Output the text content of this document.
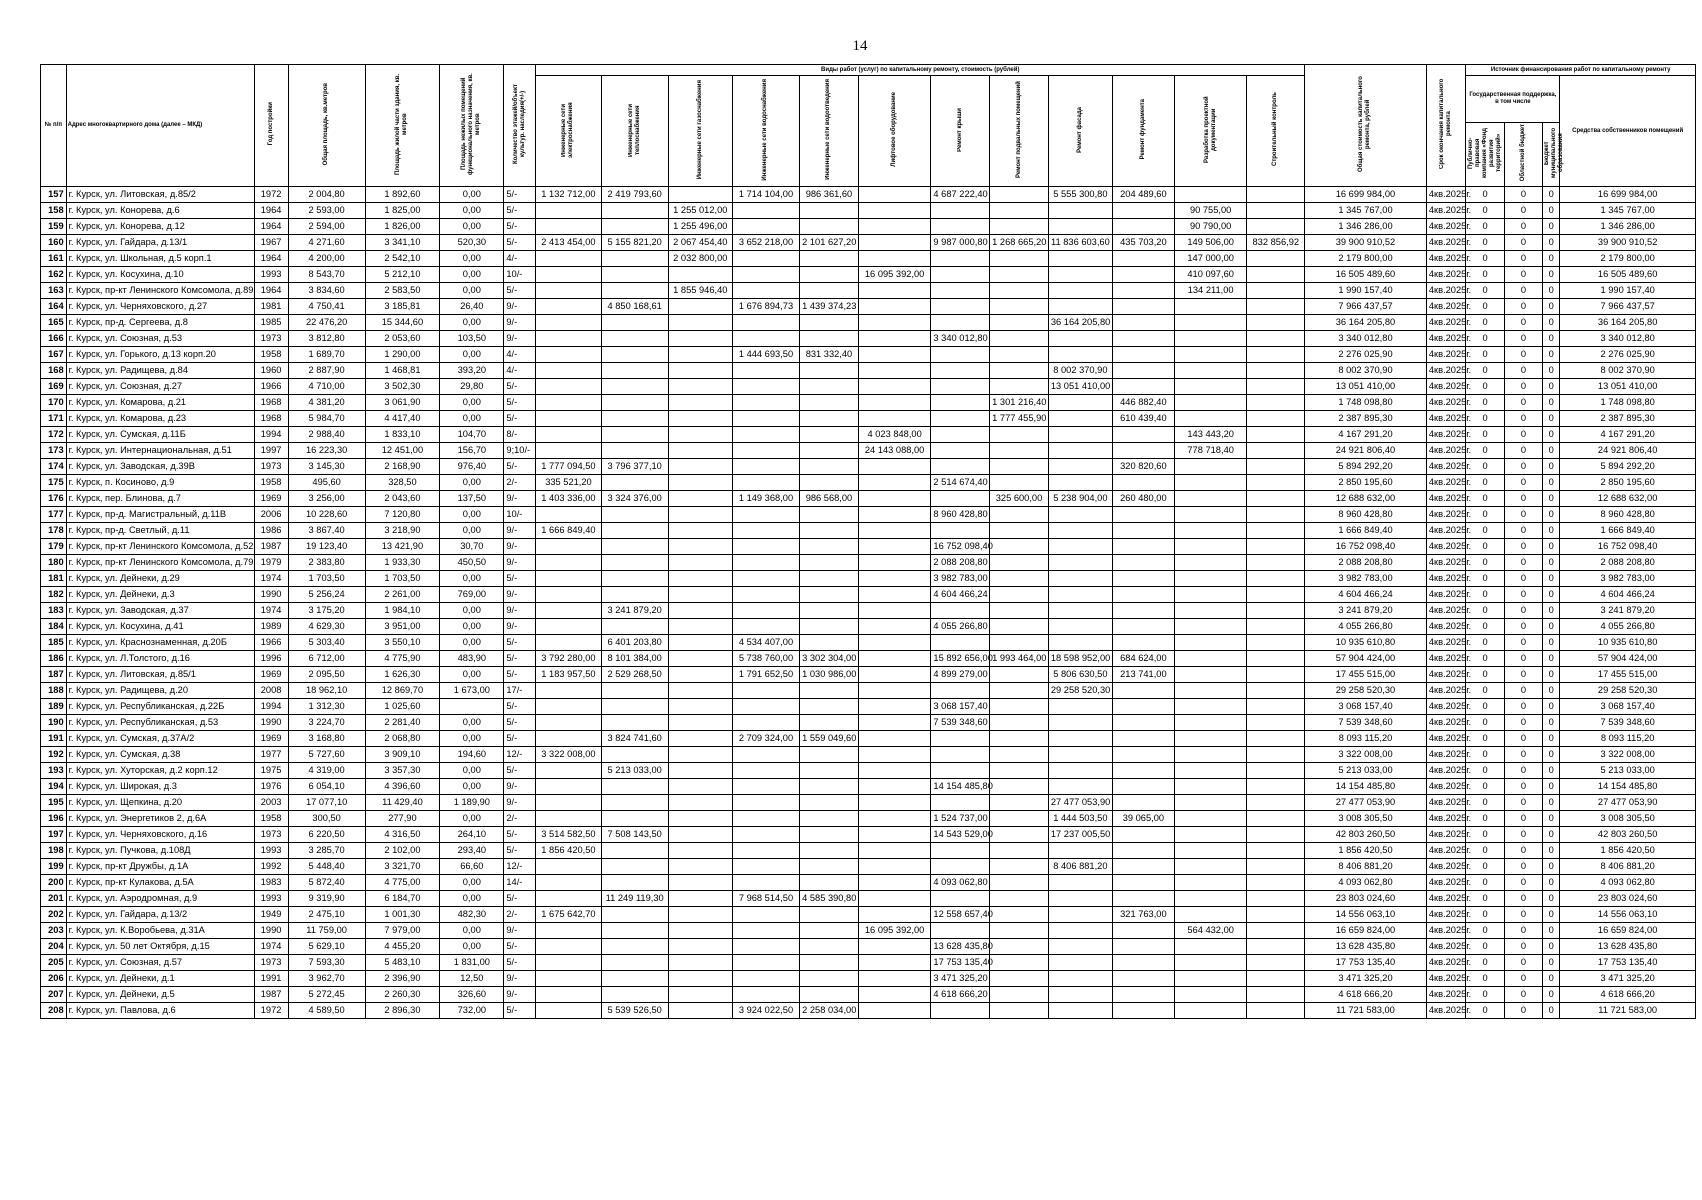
14
№ п/п	Адрес многоквартирного дома (далее – МКД)	Год постройки	Общая площадь, кв.метров	Площадь жилой части здания, кв. метров	Площадь нежилых помещений функционального назначения, кв. метров	Количество этажей/объект культур. наследия(+/-)	Виды работ (услуг) по капитальному ремонту, стоимость (рублей)												Общая стоимость капитального ремонта, рублей	Срок окончания капитального ремонта	Источник финансирования работ по капитальному ремонту			
							Инженерные сети электроснабжения	Инженерные сети теплоснабжения	Инженерные сети газоснабжения	Инженерные сети водоснабжения	Инженерные сети водоотведения	Лифтовое оборудование	Ремонт крыши	Ремонт подвальных помещений	Ремонт фасада	Ремонт фундамента	Разработка проектной документации	Строительный контроль			Государственная поддержка, в том числе			Средства собственников помещений
																					Публично-правовая компания «Фонд развития территорий»	Областной бюджет	Бюджет муниципального образования	
157	г. Курск, ул. Литовская, д.85/2	1972	2 004,80	1 892,60	0,00	5/-	1 132 712,00	2 419 793,60		1 714 104,00	986 361,60		4 687 222,40		5 555 300,80	204 489,60			16 699 984,00	4кв.2025г.	0	0	0	16 699 984,00
158	г. Курск, ул. Конорева, д.6	1964	2 593,00	1 825,00	0,00	5/-			1 255 012,00								90 755,00		1 345 767,00	4кв.2025г.	0	0	0	1 345 767,00
159	г. Курск, ул. Конорева, д.12	1964	2 594,00	1 826,00	0,00	5/-			1 255 496,00								90 790,00		1 346 286,00	4кв.2025г.	0	0	0	1 346 286,00
160	г. Курск, ул. Гайдара, д.13/1	1967	4 271,60	3 341,10	520,30	5/-	2 413 454,00	5 155 821,20	2 067 454,40	3 652 218,00	2 101 627,20		9 987 000,80	1 268 665,20	11 836 603,60	435 703,20	149 506,00	832 856,92	39 900 910,52	4кв.2025г.	0	0	0	39 900 910,52
161	г. Курск, ул. Школьная, д.5 корп.1	1964	4 200,00	2 542,10	0,00	4/-			2 032 800,00								147 000,00		2 179 800,00	4кв.2025г.	0	0	0	2 179 800,00
162	г. Курск, ул. Косухина, д.10	1993	8 543,70	5 212,10	0,00	10/-						16 095 392,00					410 097,60		16 505 489,60	4кв.2025г.	0	0	0	16 505 489,60
163	г. Курск, пр-кт Ленинского Комсомола, д.89	1964	3 834,60	2 583,50	0,00	5/-			1 855 946,40								134 211,00		1 990 157,40	4кв.2025г.	0	0	0	1 990 157,40
164	г. Курск, ул. Черняховского, д.27	1981	4 750,41	3 185,81	26,40	9/-		4 850 168,61		1 676 894,73	1 439 374,23								7 966 437,57	4кв.2025г.	0	0	0	7 966 437,57
165	г. Курск, пр-д. Сергеева, д.8	1985	22 476,20	15 344,60	0,00	9/-									36 164 205,80				36 164 205,80	4кв.2025г.	0	0	0	36 164 205,80
166	г. Курск, ул. Союзная, д.53	1973	3 812,80	2 053,60	103,50	9/-							3 340 012,80						3 340 012,80	4кв.2025г.	0	0	0	3 340 012,80
167	г. Курск, ул. Горького, д.13 корп.20	1958	1 689,70	1 290,00	0,00	4/-				1 444 693,50	831 332,40								2 276 025,90	4кв.2025г.	0	0	0	2 276 025,90
168	г. Курск, ул. Радищева, д.84	1960	2 887,90	1 468,81	393,20	4/-									8 002 370,90				8 002 370,90	4кв.2025г.	0	0	0	8 002 370,90
169	г. Курск, ул. Союзная, д.27	1966	4 710,00	3 502,30	29,80	5/-									13 051 410,00				13 051 410,00	4кв.2025г.	0	0	0	13 051 410,00
170	г. Курск, ул. Комарова, д.21	1968	4 381,20	3 061,90	0,00	5/-								1 301 216,40		446 882,40			1 748 098,80	4кв.2025г.	0	0	0	1 748 098,80
171	г. Курск, ул. Комарова, д.23	1968	5 984,70	4 417,40	0,00	5/-								1 777 455,90		610 439,40			2 387 895,30	4кв.2025г.	0	0	0	2 387 895,30
172	г. Курск, ул. Сумская, д.11Б	1994	2 988,40	1 833,10	104,70	8/-						4 023 848,00					143 443,20		4 167 291,20	4кв.2025г.	0	0	0	4 167 291,20
173	г. Курск, ул. Интернациональная, д.51	1997	16 223,30	12 451,00	156,70	9;10/-						24 143 088,00					778 718,40		24 921 806,40	4кв.2025г.	0	0	0	24 921 806,40
174	г. Курск, ул. Заводская, д.39В	1973	3 145,30	2 168,90	976,40	5/-	1 777 094,50	3 796 377,10								320 820,60			5 894 292,20	4кв.2025г.	0	0	0	5 894 292,20
175	г. Курск, п. Косиново, д.9	1958	495,60	328,50	0,00	2/-	335 521,20						2 514 674,40						2 850 195,60	4кв.2025г.	0	0	0	2 850 195,60
176	г. Курск, пер. Блинова, д.7	1969	3 256,00	2 043,60	137,50	9/-	1 403 336,00	3 324 376,00		1 149 368,00	986 568,00			325 600,00	5 238 904,00	260 480,00			12 688 632,00	4кв.2025г.	0	0	0	12 688 632,00
177	г. Курск, пр-д. Магистральный, д.11В	2006	10 228,60	7 120,80	0,00	10/-							8 960 428,80						8 960 428,80	4кв.2025г.	0	0	0	8 960 428,80
178	г. Курск, пр-д. Светлый, д.11	1986	3 867,40	3 218,90	0,00	9/-	1 666 849,40												1 666 849,40	4кв.2025г.	0	0	0	1 666 849,40
179	г. Курск, пр-кт Ленинского Комсомола, д.52	1987	19 123,40	13 421,90	30,70	9/-							16 752 098,40						16 752 098,40	4кв.2025г.	0	0	0	16 752 098,40
180	г. Курск, пр-кт Ленинского Комсомола, д.79	1979	2 383,80	1 933,30	450,50	9/-							2 088 208,80						2 088 208,80	4кв.2025г.	0	0	0	2 088 208,80
181	г. Курск, ул. Дейнеки, д.29	1974	1 703,50	1 703,50	0,00	5/-							3 982 783,00						3 982 783,00	4кв.2025г.	0	0	0	3 982 783,00
182	г. Курск, ул. Дейнеки, д.3	1990	5 256,24	2 261,00	769,00	9/-							4 604 466,24						4 604 466,24	4кв.2025г.	0	0	0	4 604 466,24
183	г. Курск, ул. Заводская, д.37	1974	3 175,20	1 984,10	0,00	9/-		3 241 879,20											3 241 879,20	4кв.2025г.	0	0	0	3 241 879,20
184	г. Курск, ул. Косухина, д.41	1989	4 629,30	3 951,00	0,00	9/-							4 055 266,80						4 055 266,80	4кв.2025г.	0	0	0	4 055 266,80
185	г. Курск, ул. Краснознаменная, д.20Б	1966	5 303,40	3 550,10	0,00	5/-		6 401 203,80		4 534 407,00									10 935 610,80	4кв.2025г.	0	0	0	10 935 610,80
186	г. Курск, ул. Л.Толстого, д.16	1996	6 712,00	4 775,90	483,90	5/-	3 792 280,00	8 101 384,00		5 738 760,00	3 302 304,00		15 892 656,00	1 993 464,00	18 598 952,00	684 624,00			57 904 424,00	4кв.2025г.	0	0	0	57 904 424,00
187	г. Курск, ул. Литовская, д.85/1	1969	2 095,50	1 626,30	0,00	5/-	1 183 957,50	2 529 268,50		1 791 652,50	1 030 986,00		4 899 279,00		5 806 630,50	213 741,00			17 455 515,00	4кв.2025г.	0	0	0	17 455 515,00
188	г. Курск, ул. Радищева, д.20	2008	18 962,10	12 869,70	1 673,00	17/-									29 258 520,30				29 258 520,30	4кв.2025г.	0	0	0	29 258 520,30
189	г. Курск, ул. Республиканская, д.22Б	1994	1 312,30	1 025,60		5/-							3 068 157,40						3 068 157,40	4кв.2025г.	0	0	0	3 068 157,40
190	г. Курск, ул. Республиканская, д.53	1990	3 224,70	2 281,40	0,00	5/-							7 539 348,60						7 539 348,60	4кв.2025г.	0	0	0	7 539 348,60
191	г. Курск, ул. Сумская, д.37А/2	1969	3 168,80	2 068,80	0,00	5/-		3 824 741,60		2 709 324,00	1 559 049,60								8 093 115,20	4кв.2025г.	0	0	0	8 093 115,20
192	г. Курск, ул. Сумская, д.38	1977	5 727,60	3 909,10	194,60	12/-	3 322 008,00												3 322 008,00	4кв.2025г.	0	0	0	3 322 008,00
193	г. Курск, ул. Хуторская, д.2 корп.12	1975	4 319,00	3 357,30	0,00	5/-		5 213 033,00											5 213 033,00	4кв.2025г.	0	0	0	5 213 033,00
194	г. Курск, ул. Широкая, д.3	1976	6 054,10	4 396,60	0,00	9/-							14 154 485,80						14 154 485,80	4кв.2025г.	0	0	0	14 154 485,80
195	г. Курск, ул. Щепкина, д.20	2003	17 077,10	11 429,40	1 189,90	9/-									27 477 053,90				27 477 053,90	4кв.2025г.	0	0	0	27 477 053,90
196	г. Курск, ул. Энергетиков 2, д.6А	1958	300,50	277,90	0,00	2/-							1 524 737,00		1 444 503,50	39 065,00			3 008 305,50	4кв.2025г.	0	0	0	3 008 305,50
197	г. Курск, ул. Черняховского, д.16	1973	6 220,50	4 316,50	264,10	5/-	3 514 582,50	7 508 143,50					14 543 529,00		17 237 005,50				42 803 260,50	4кв.2025г.	0	0	0	42 803 260,50
198	г. Курск, ул. Пучкова, д.108Д	1993	3 285,70	2 102,00	293,40	5/-	1 856 420,50												1 856 420,50	4кв.2025г.	0	0	0	1 856 420,50
199	г. Курск, пр-кт Дружбы, д.1А	1992	5 448,40	3 321,70	66,60	12/-									8 406 881,20				8 406 881,20	4кв.2025г.	0	0	0	8 406 881,20
200	г. Курск, пр-кт Кулакова, д.5А	1983	5 872,40	4 775,00	0,00	14/-							4 093 062,80						4 093 062,80	4кв.2025г.	0	0	0	4 093 062,80
201	г. Курск, ул. Аэродромная, д.9	1993	9 319,90	6 184,70	0,00	5/-		11 249 119,30		7 968 514,50	4 585 390,80								23 803 024,60	4кв.2025г.	0	0	0	23 803 024,60
202	г. Курск, ул. Гайдара, д.13/2	1949	2 475,10	1 001,30	482,30	2/-	1 675 642,70						12 558 657,40			321 763,00			14 556 063,10	4кв.2025г.	0	0	0	14 556 063,10
203	г. Курск, ул. К.Воробьева, д.31А	1990	11 759,00	7 979,00	0,00	9/-						16 095 392,00					564 432,00		16 659 824,00	4кв.2025г.	0	0	0	16 659 824,00
204	г. Курск, ул. 50 лет Октября, д.15	1974	5 629,10	4 455,20	0,00	5/-							13 628 435,80						13 628 435,80	4кв.2025г.	0	0	0	13 628 435,80
205	г. Курск, ул. Союзная, д.57	1973	7 593,30	5 483,10	1 831,00	5/-							17 753 135,40						17 753 135,40	4кв.2025г.	0	0	0	17 753 135,40
206	г. Курск, ул. Дейнеки, д.1	1991	3 962,70	2 396,90	12,50	9/-							3 471 325,20						3 471 325,20	4кв.2025г.	0	0	0	3 471 325,20
207	г. Курск, ул. Дейнеки, д.5	1987	5 272,45	2 260,30	326,60	9/-							4 618 666,20						4 618 666,20	4кв.2025г.	0	0	0	4 618 666,20
208	г. Курск, ул. Павлова, д.6	1972	4 589,50	2 896,30	732,00	5/-		5 539 526,50		3 924 022,50	2 258 034,00								11 721 583,00	4кв.2025г.	0	0	0	11 721 583,00
